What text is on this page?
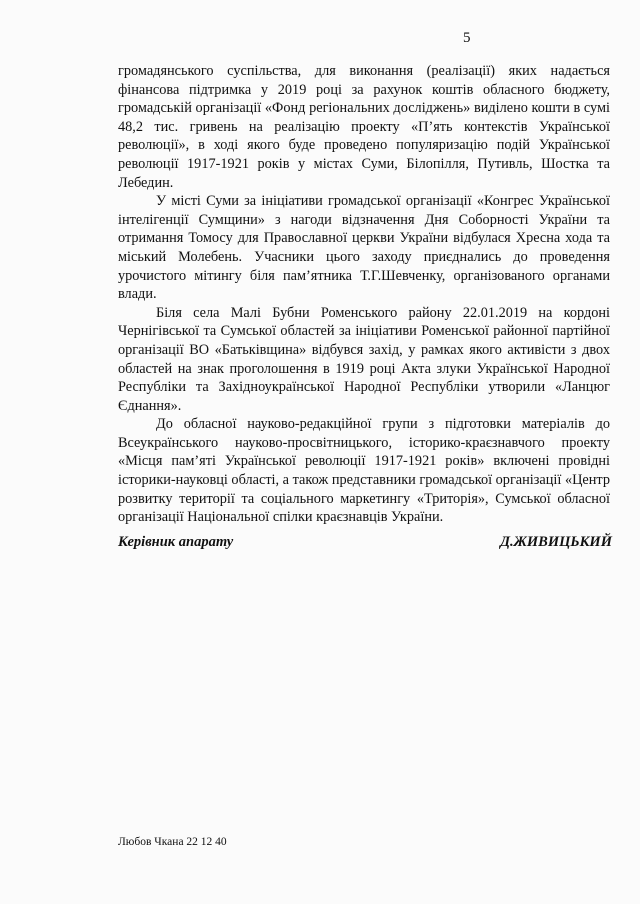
5

громадянського суспільства, для виконання (реалізації) яких надається фінансова підтримка у 2019 році за рахунок коштів обласного бюджету, громадській організації «Фонд регіональних досліджень» виділено кошти в сумі 48,2 тис. гривень на реалізацію проекту «П’ять контекстів Української революції», в ході якого буде проведено популяризацію подій Української революції 1917-1921 років у містах Суми, Білопілля, Путивль, Шостка та Лебедин.

У місті Суми за ініціативи громадської організації «Конгрес Української інтелігенції Сумщини» з нагоди відзначення Дня Соборності України та отримання Томосу для Православної церкви України відбулася Хресна хода та міський Молебень. Учасники цього заходу приєднались до проведення урочистого мітингу біля пам’ятника Т.Г.Шевченку, організованого органами влади.

Біля села Малі Бубни Роменського району 22.01.2019 на кордоні Чернігівської та Сумської областей за ініціативи Роменської районної партійної організації ВО «Батьківщина» відбувся захід, у рамках якого активісти з двох областей на знак проголошення в 1919 році Акта злуки Української Народної Республіки та Західноукраїнської Народної Республіки утворили «Ланцюг Єднання».

До обласної науково-редакційної групи з підготовки матеріалів до Всеукраїнського науково-просвітницького, історико-краєзнавчого проекту «Місця пам’яті Української революції 1917-1921 років» включені провідні історики-науковці області, а також представники громадської організації «Центр розвитку території та соціального маркетингу «Триторія», Сумської обласної організації Національної спілки краєзнавців України.

Керівник апарату	Д.ЖИВИЦЬКИЙ
Любов Чкана 22 12 40
